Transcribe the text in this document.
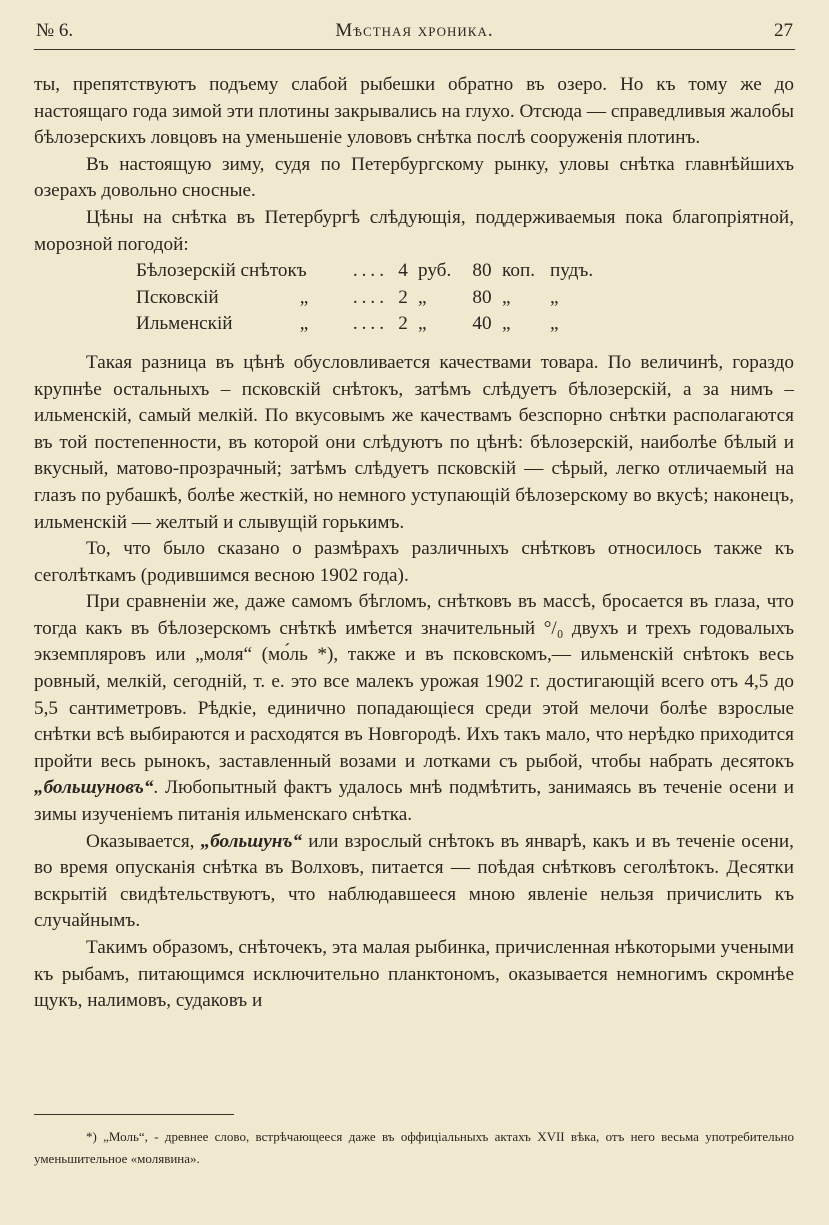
№ 6.	Мѣстная хроника.	27

ты, препятствуютъ подъему слабой рыбешки обратно въ озеро. Но къ тому же до настоящаго года зимой эти плотины закрывались на глухо. Отсюда — справедливыя жалобы бѣлозерскихъ ловцовъ на уменьшеніе улововъ снѣтка послѣ сооруженія плотинъ.

Въ настоящую зиму, судя по Петербургскому рынку, уловы снѣтка главнѣйшихъ озерахъ довольно сносные.

Цѣны на снѣтка въ Петербургѣ слѣдующія, поддерживаемыя пока благопріятной, морозной погодой:

Бѣлозерскій снѣтокъ		....	4	руб.	80	коп.	пудъ.
Псковскій	„	....	2	„	80	„	„
Ильменскій	„	....	2	„	40	„	„

Такая разница въ цѣнѣ обусловливается качествами товара. По величинѣ, гораздо крупнѣе остальныхъ – псковскій снѣтокъ, затѣмъ слѣдуетъ бѣлозерскій, а за нимъ –ильменскій, самый мелкій. По вкусовымъ же качествамъ безспорно снѣтки располагаются въ той постепенности, въ которой они слѣдуютъ по цѣнѣ: бѣлозерскій, наиболѣе бѣлый и вкусный, матово-прозрачный; затѣмъ слѣдуетъ псковскій — сѣрый, легко отличаемый на глазъ по рубашкѣ, болѣе жесткій, но немного уступающій бѣлозерскому во вкусѣ; наконецъ, ильменскій — желтый и слывущій горькимъ.

То, что было сказано о размѣрахъ различныхъ снѣтковъ относилось также къ сеголѣткамъ (родившимся весною 1902 года).

При сравненіи же, даже самомъ бѣгломъ, снѣтковъ въ массѣ, бросается въ глаза, что тогда какъ въ бѣлозерскомъ снѣткѣ имѣется значительный °/₀ двухъ и трехъ годовалыхъ экземпляровъ или „моля“ (мо́ль *), также и въ псковскомъ,— ильменскій снѣтокъ весь ровный, мелкій, сегодній, т. е. это все малекъ урожая 1902 г. достигающій всего отъ 4,5 до 5,5 сантиметровъ. Рѣдкіе, единично попадающіеся среди этой мелочи болѣе взрослые снѣтки всѣ выбираются и расходятся въ Новгородѣ. Ихъ такъ мало, что нерѣдко приходится пройти весь рынокъ, заставленный возами и лотками съ рыбой, чтобы набрать десятокъ „большуновъ“. Любопытный фактъ удалось мнѣ подмѣтить, занимаясь въ теченіе осени и зимы изученіемъ питанія ильменскаго снѣтка.

Оказывается, „большунъ“ или взрослый снѣтокъ въ январѣ, какъ и въ теченіе осени, во время опусканія снѣтка въ Волховъ, питается — поѣдая снѣтковъ сеголѣтокъ. Десятки вскрытій свидѣтельствуютъ, что наблюдавшееся мною явленіе нельзя причислить къ случайнымъ.

Такимъ образомъ, снѣточекъ, эта малая рыбинка, причисленная нѣкоторыми учеными къ рыбамъ, питающимся исключительно планктономъ, оказывается немногимъ скромнѣе щукъ, налимовъ, судаковъ и

*) „Моль“, - древнее слово, встрѣчающееся даже въ оффиціальныхъ актахъ XVII вѣка, отъ него весьма употребительно уменьшительное «молявина».
